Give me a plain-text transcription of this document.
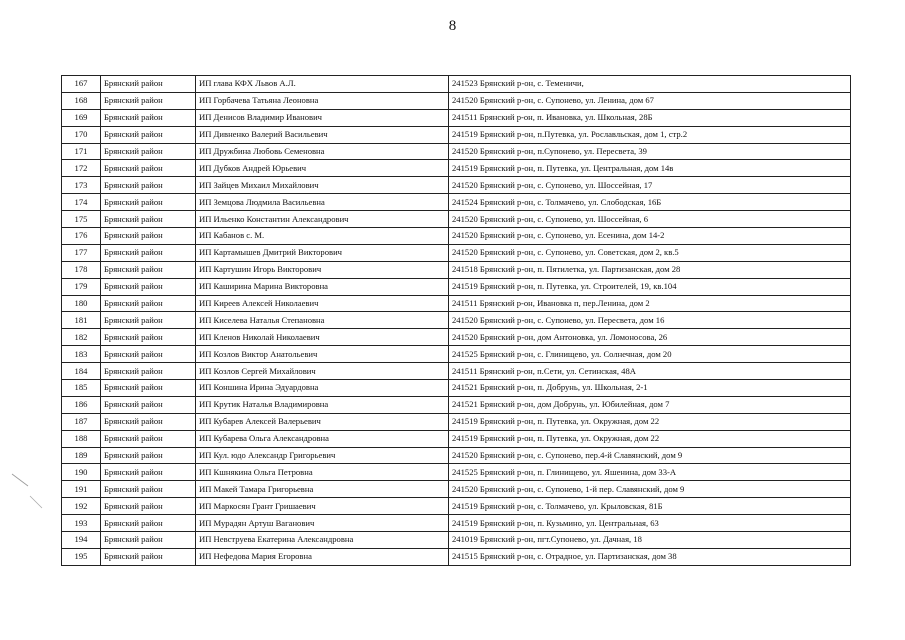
8
167	Брянский район	ИП глава КФХ Львов А.Л.	241523 Брянский р-он, с. Теменичи,
168	Брянский район	ИП Горбачева Татьяна Леоновна	241520 Брянский р-он, с. Супонево, ул. Ленина, дом 67
169	Брянский район	ИП Денисов Владимир Иванович	241511 Брянский р-он, п. Ивановка, ул. Школьная, 28Б
170	Брянский район	ИП Дивненко Валерий Васильевич	241519 Брянский р-он, п.Путевка, ул. Рославльская, дом 1, стр.2
171	Брянский район	ИП Дружбина Любовь Семеновна	241520 Брянский р-он, п.Супонево, ул. Пересвета, 39
172	Брянский район	ИП Дубков Андрей Юрьевич	241519 Брянский р-он, п. Путевка, ул. Центральная, дом 14в
173	Брянский район	ИП Зайцев Михаил Михайлович	241520 Брянский р-он, с. Супонево, ул. Шоссейная, 17
174	Брянский район	ИП Земцова Людмила Васильевна	241524 Брянский р-он, с. Толмачево, ул. Слободская, 16Б
175	Брянский район	ИП Ильенко Константин Александрович	241520 Брянский р-он, с. Супонево, ул. Шоссейная, 6
176	Брянский район	ИП Кабанов с. М.	241520 Брянский р-он, с. Супонево, ул. Есенина, дом 14-2
177	Брянский район	ИП Картамышев Дмитрий Викторович	241520 Брянский р-он, с. Супонево, ул. Советская, дом 2, кв.5
178	Брянский район	ИП Картушин Игорь Викторович	241518 Брянский р-он, п. Пятилетка, ул. Партизанская, дом 28
179	Брянский район	ИП Каширина Марина Викторовна	241519 Брянский р-он, п. Путевка, ул. Строителей, 19, кв.104
180	Брянский район	ИП Киреев Алексей Николаевич	241511 Брянский р-он, Ивановка п, пер.Ленина, дом 2
181	Брянский район	ИП Киселева Наталья Степановна	241520 Брянский р-он, с. Супонево, ул. Пересвета, дом 16
182	Брянский район	ИП Кленов Николай Николаевич	241520 Брянский р-он, дом Антоновка, ул. Ломоносова, 26
183	Брянский район	ИП Козлов Виктор Анатольевич	241525 Брянский р-он, с. Глинищево, ул. Солнечная, дом 20
184	Брянский район	ИП Козлов Сергей Михайлович	241511 Брянский р-он, п.Сети, ул. Сетинская, 48А
185	Брянский район	ИП Коншина Ирина Эдуардовна	241521 Брянский р-он, п. Добрунь, ул. Школьная, 2-1
186	Брянский район	ИП Крутик Наталья Владимировна	241521 Брянский р-он, дом Добрунь, ул. Юбилейная, дом 7
187	Брянский район	ИП Кубарев Алексей Валерьевич	241519 Брянский р-он, п. Путевка, ул. Окружная, дом 22
188	Брянский район	ИП Кубарева Ольга Александровна	241519 Брянский р-он, п. Путевка, ул. Окружная, дом 22
189	Брянский район	ИП Кул. юдо Александр Григорьевич	241520 Брянский р-он, с. Супонево, пер.4-й Славянский, дом 9
190	Брянский район	ИП Кшнякина Ольга Петровна	241525 Брянский р-он, п. Глинищево, ул. Яшенина, дом 33-А
191	Брянский район	ИП Макей Тамара Григорьевна	241520 Брянский р-он, с. Супонево, 1-й пер. Славянский, дом 9
192	Брянский район	ИП Маркосян Грант Гришаевич	241519 Брянский р-он, с. Толмачево, ул. Крыловская, 81Б
193	Брянский район	ИП Мурадян Артуш Ваганович	241519 Брянский р-он, п. Кузьмино, ул. Центральная, 63
194	Брянский район	ИП Невструева Екатерина Александровна	241019 Брянский р-он, пгт.Супонево, ул. Дачная, 18
195	Брянский район	ИП Нефедова Мария Егоровна	241515 Брянский р-он, с. Отрадное, ул. Партизанская, дом 38
